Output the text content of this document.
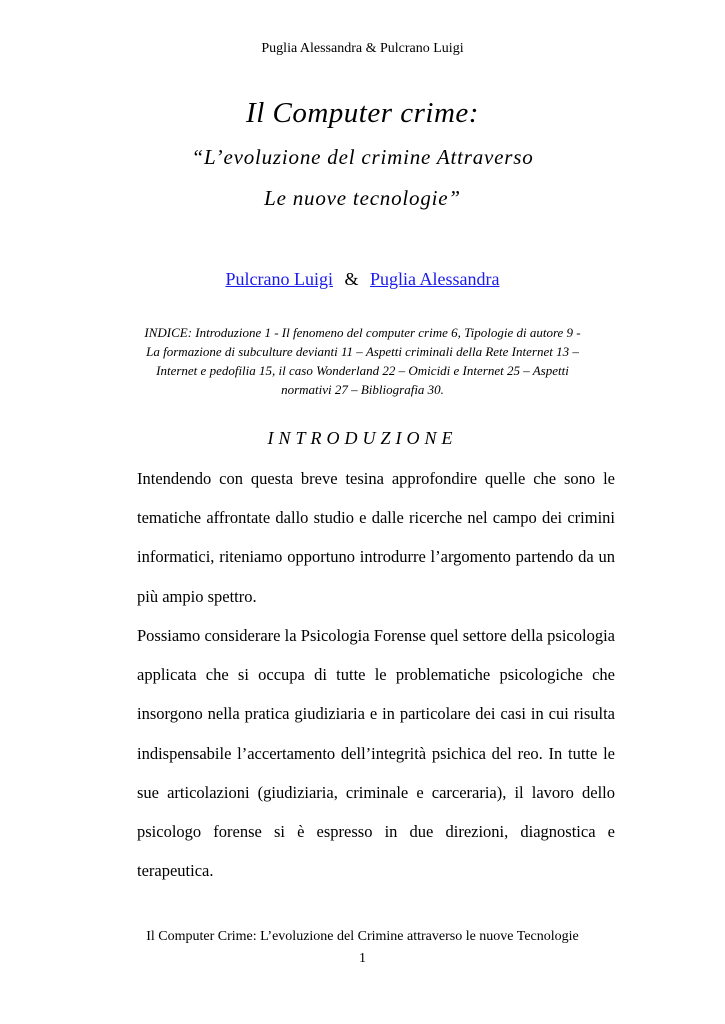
Puglia Alessandra & Pulcrano Luigi
Il Computer crime:
“L’evoluzione del crimine Attraverso
Le nuove tecnologie”
Pulcrano Luigi & Puglia Alessandra
INDICE: Introduzione 1 - Il fenomeno del computer crime 6, Tipologie di autore 9 - La formazione di subculture devianti 11 – Aspetti criminali della Rete Internet 13 – Internet e pedofilia 15, il caso Wonderland 22 – Omicidi e Internet 25 – Aspetti normativi 27 – Bibliografia 30.
INTRODUZIONE
Intendendo con questa breve tesina approfondire quelle che sono le tematiche affrontate dallo studio e dalle ricerche nel campo dei crimini informatici, riteniamo opportuno introdurre l’argomento partendo da un più ampio spettro.
Possiamo considerare la Psicologia Forense quel settore della psicologia applicata che si occupa di tutte le problematiche psicologiche che insorgono nella pratica giudiziaria e in particolare dei casi in cui risulta indispensabile l’accertamento dell’integrità psichica del reo. In tutte le sue articolazioni (giudiziaria, criminale e carceraria), il lavoro dello psicologo forense si è espresso in due direzioni, diagnostica e terapeutica.
Il Computer Crime: L’evoluzione del Crimine attraverso le nuove Tecnologie
1
